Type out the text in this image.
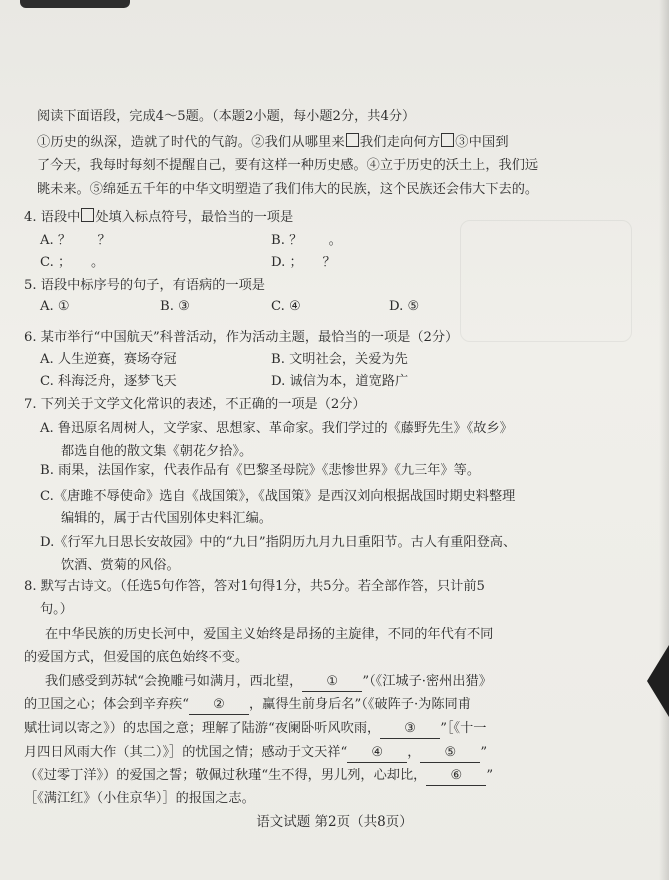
阅读下面语段，完成4～5题。（本题2小题，每小题2分，共4分）
①历史的纵深，造就了时代的气韵。②我们从哪里来 我们走向何方 ③中国到
了今天，我每时每刻不提醒自己，要有这样一种历史感。④立于历史的沃土上，我们远
眺未来。⑤绵延五千年的中华文明塑造了我们伟大的民族，这个民族还会伟大下去的。
4. 语段中 处填入标点符号，最恰当的一项是
A. ？　　？	B. ？　　。
C. ；　　。	D. ；　　？
5. 语段中标序号的句子，有语病的一项是
A. ①	B. ③	C. ④	D. ⑤
6. 某市举行“中国航天”科普活动，作为活动主题，最恰当的一项是（2分）
A. 人生逆赛，赛场夺冠	B. 文明社会，关爱为先
C. 科海泛舟，逐梦飞天	D. 诚信为本，道宽路广
7. 下列关于文学文化常识的表述，不正确的一项是（2分）
A. 鲁迅原名周树人，文学家、思想家、革命家。我们学过的《藤野先生》《故乡》
都选自他的散文集《朝花夕拾》。
B. 雨果，法国作家，代表作品有《巴黎圣母院》《悲惨世界》《九三年》等。
C.《唐雎不辱使命》选自《战国策》，《战国策》是西汉刘向根据战国时期史料整理
编辑的，属于古代国别体史料汇编。
D.《行军九日思长安故园》中的“九日”指阴历九月九日重阳节。古人有重阳登高、
饮酒、赏菊的风俗。
8. 默写古诗文。（任选5句作答，答对1句得1分，共5分。若全部作答，只计前5
句。）
在中华民族的历史长河中，爱国主义始终是昂扬的主旋律，不同的年代有不同
的爱国方式，但爱国的底色始终不变。
我们感受到苏轼“会挽雕弓如满月，西北望， ① ”（《江城子·密州出猎》
的卫国之心；体会到辛弃疾“ ② ，赢得生前身后名”（《破阵子·为陈同甫
赋壮词以寄之》）的忠国之意；理解了陆游“夜阑卧听风吹雨， ③ ”［《十一
月四日风雨大作（其二）》］的忧国之情；感动于文天祥“ ④ ， ⑤ ”
（《过零丁洋》）的爱国之誓；敬佩过秋瑾“生不得，男儿列，心却比， ⑥ ”
［《满江红》（小住京华）］的报国之志。
语文试题 第2页（共8页）
